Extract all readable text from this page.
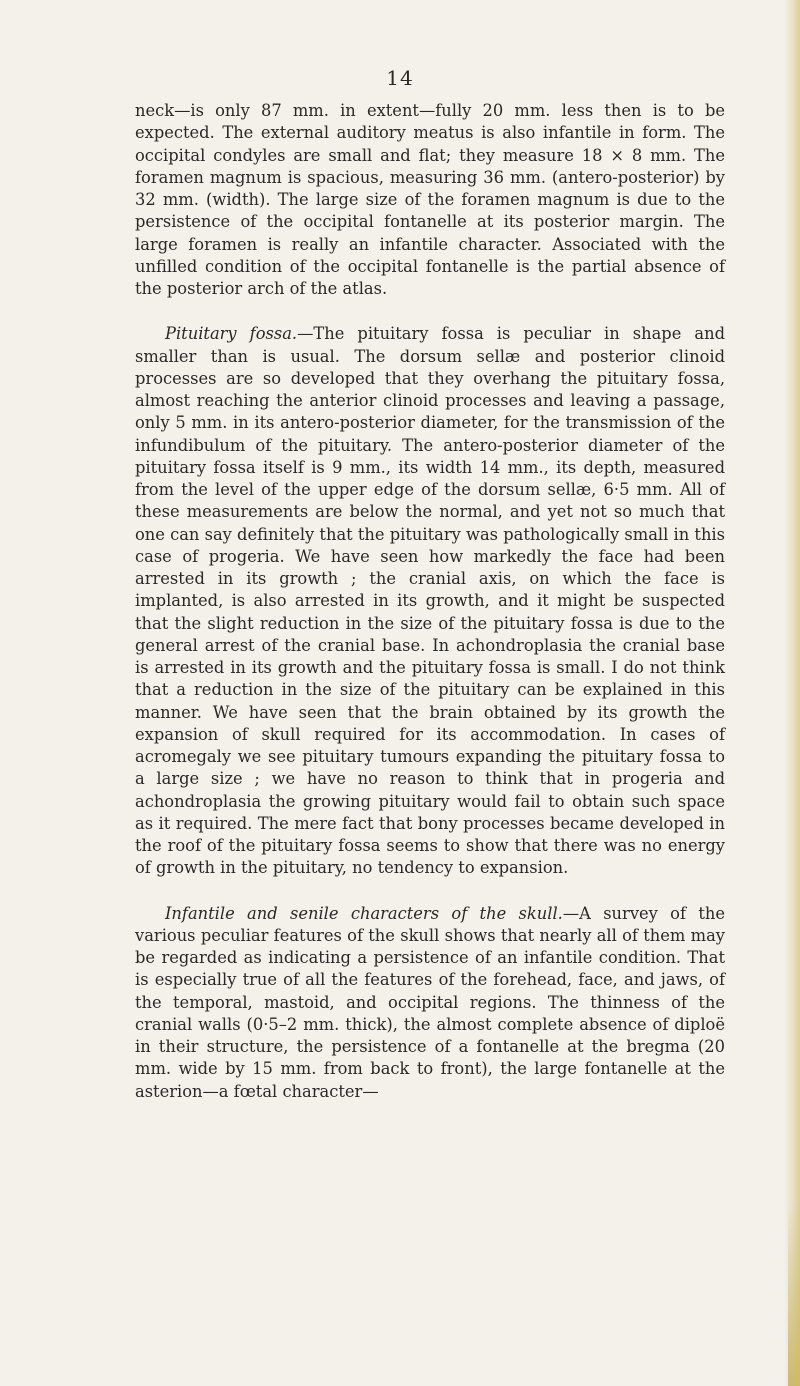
14

neck—is only 87 mm. in extent—fully 20 mm. less then is to be expected. The external auditory meatus is also infantile in form. The occipital condyles are small and flat; they measure 18 × 8 mm. The foramen magnum is spacious, measuring 36 mm. (antero-posterior) by 32 mm. (width). The large size of the foramen magnum is due to the persistence of the occipital fontanelle at its posterior margin. The large foramen is really an infantile character. Associated with the unfilled condition of the occipital fontanelle is the partial absence of the posterior arch of the atlas.

Pituitary fossa.—The pituitary fossa is peculiar in shape and smaller than is usual. The dorsum sellæ and posterior clinoid processes are so developed that they overhang the pituitary fossa, almost reaching the anterior clinoid processes and leaving a passage, only 5 mm. in its antero-posterior diameter, for the transmission of the infundibulum of the pituitary. The antero-posterior diameter of the pituitary fossa itself is 9 mm., its width 14 mm., its depth, measured from the level of the upper edge of the dorsum sellæ, 6·5 mm. All of these measurements are below the normal, and yet not so much that one can say definitely that the pituitary was pathologically small in this case of progeria. We have seen how markedly the face had been arrested in its growth ; the cranial axis, on which the face is implanted, is also arrested in its growth, and it might be suspected that the slight reduction in the size of the pituitary fossa is due to the general arrest of the cranial base. In achondroplasia the cranial base is arrested in its growth and the pituitary fossa is small. I do not think that a reduction in the size of the pituitary can be explained in this manner. We have seen that the brain obtained by its growth the expansion of skull required for its accommodation. In cases of acromegaly we see pituitary tumours expanding the pituitary fossa to a large size ; we have no reason to think that in progeria and achondroplasia the growing pituitary would fail to obtain such space as it required. The mere fact that bony processes became developed in the roof of the pituitary fossa seems to show that there was no energy of growth in the pituitary, no tendency to expansion.

Infantile and senile characters of the skull.—A survey of the various peculiar features of the skull shows that nearly all of them may be regarded as indicating a persistence of an infantile condition. That is especially true of all the features of the forehead, face, and jaws, of the temporal, mastoid, and occipital regions. The thinness of the cranial walls (0·5–2 mm. thick), the almost complete absence of diploë in their structure, the persistence of a fontanelle at the bregma (20 mm. wide by 15 mm. from back to front), the large fontanelle at the asterion—a fœtal character—
